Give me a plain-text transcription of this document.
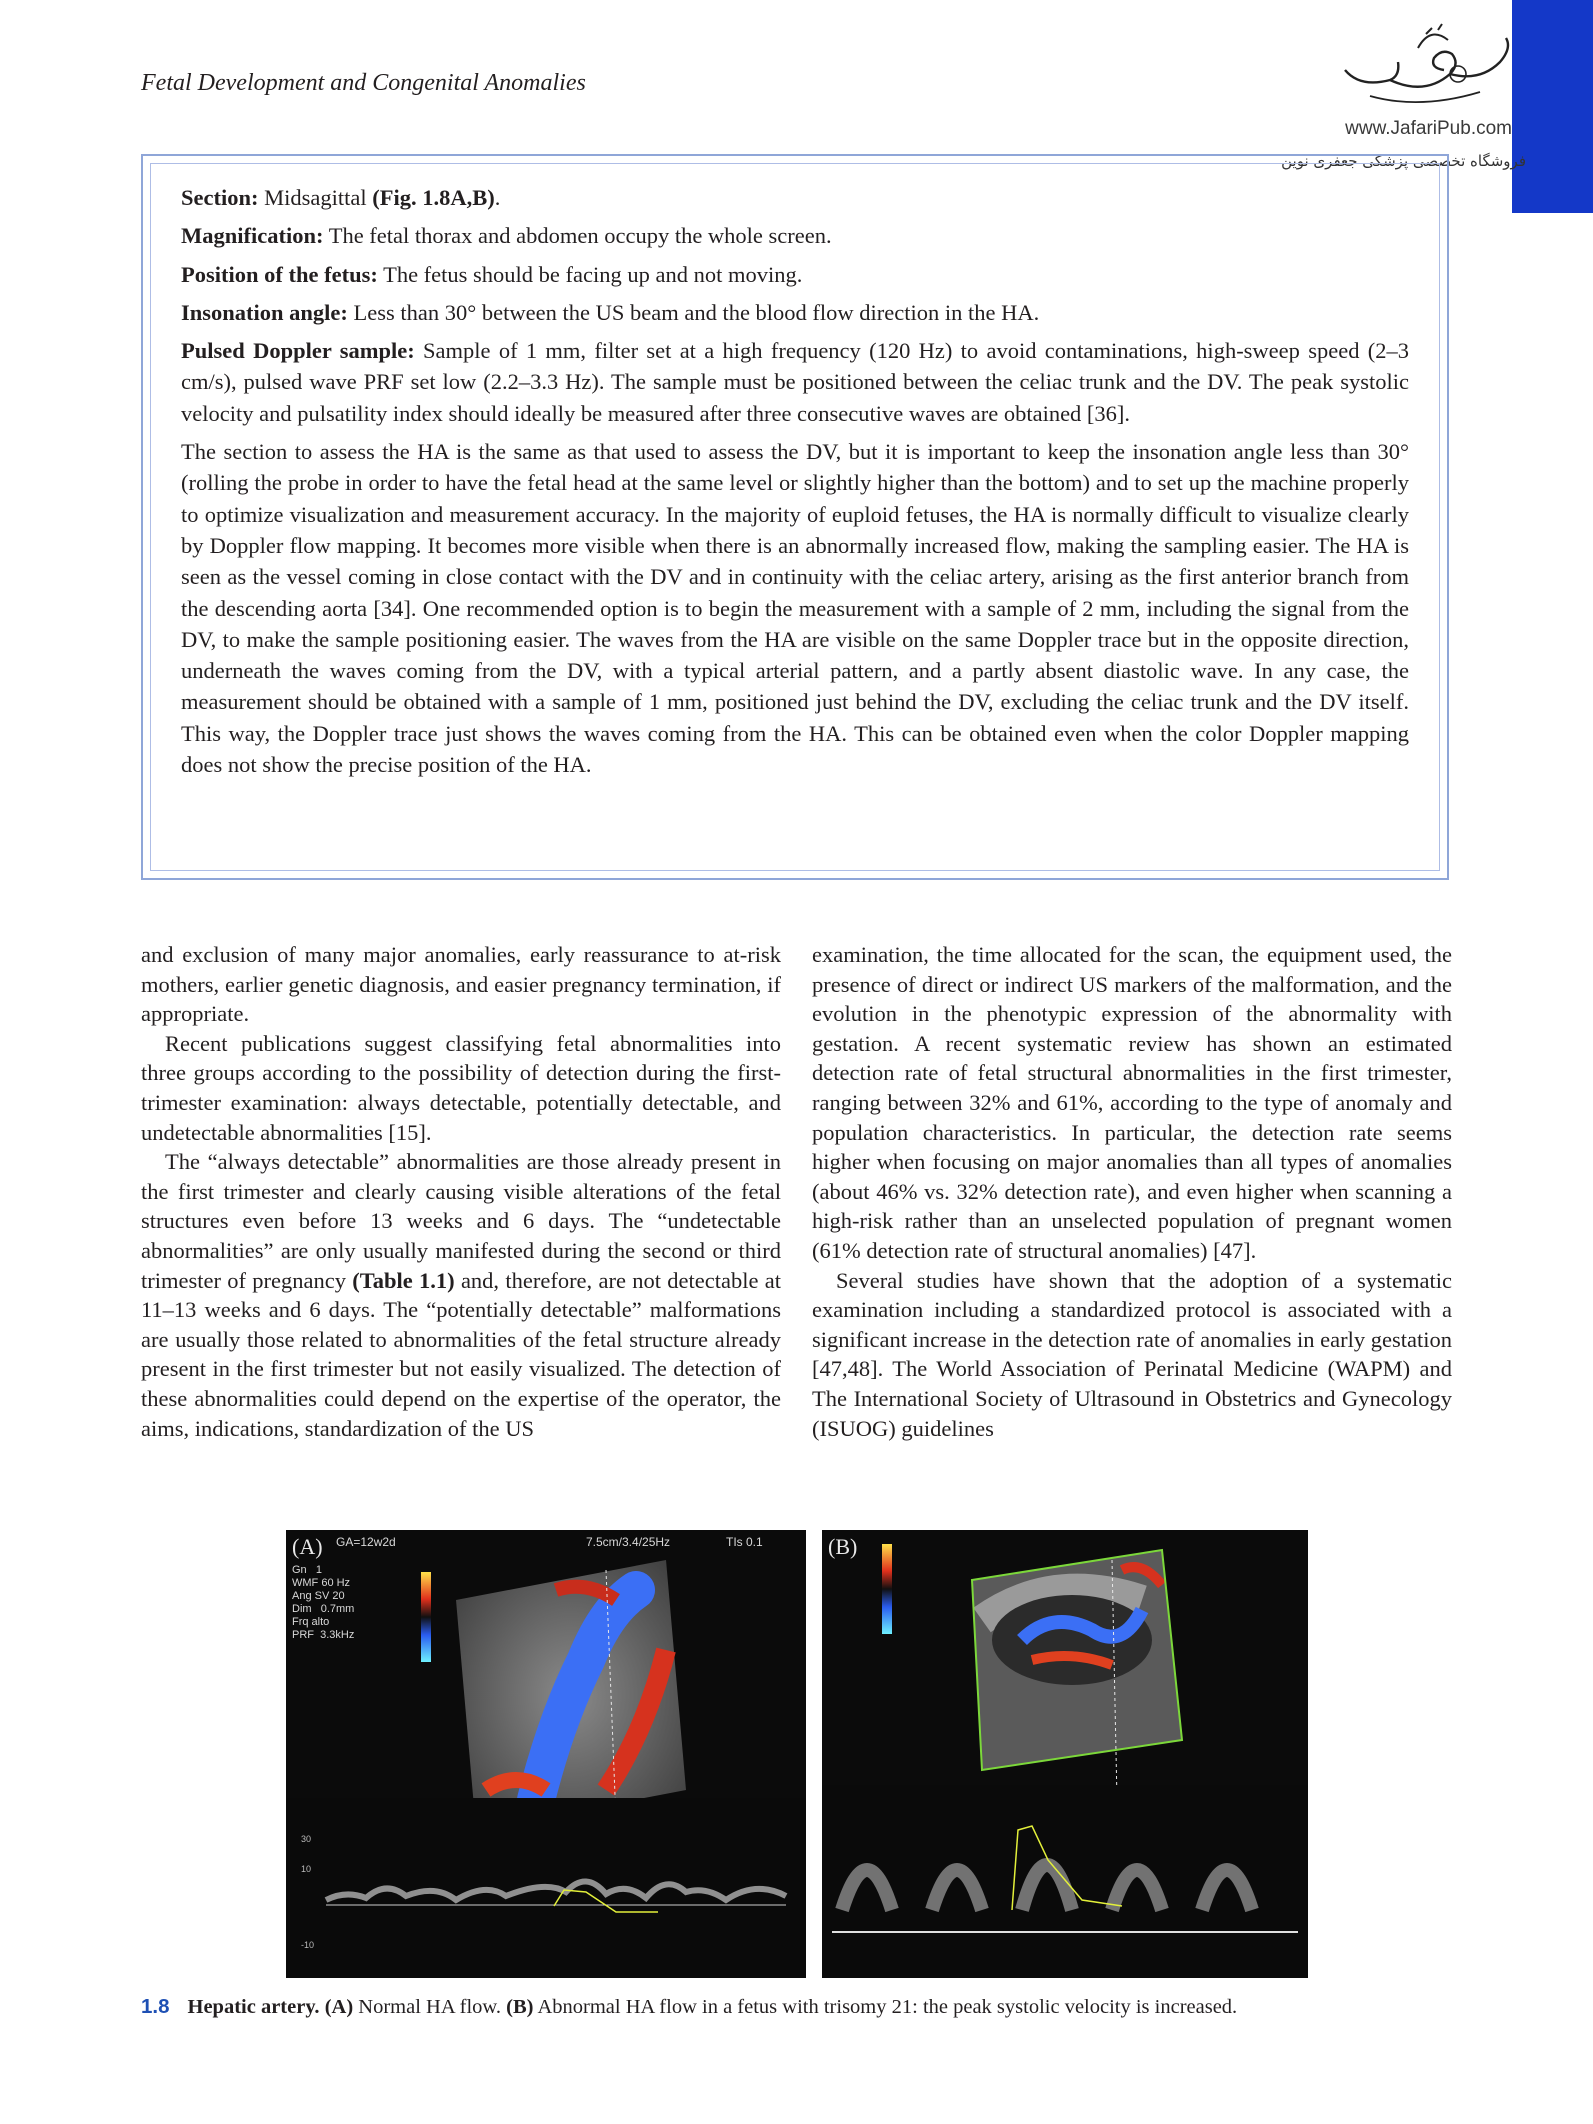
Fetal Development and Congenital Anomalies
www.JafariPub.com
فروشگاه تخصصی پزشکی جعفری نوین

Section: Midsagittal (Fig. 1.8A,B).

Magnification: The fetal thorax and abdomen occupy the whole screen.

Position of the fetus: The fetus should be facing up and not moving.

Insonation angle: Less than 30° between the US beam and the blood flow direction in the HA.

Pulsed Doppler sample: Sample of 1 mm, filter set at a high frequency (120 Hz) to avoid contaminations, high-sweep speed (2–3 cm/s), pulsed wave PRF set low (2.2–3.3 Hz). The sample must be positioned between the celiac trunk and the DV. The peak systolic velocity and pulsatility index should ideally be measured after three consecutive waves are obtained [36].

The section to assess the HA is the same as that used to assess the DV, but it is important to keep the insonation angle less than 30° (rolling the probe in order to have the fetal head at the same level or slightly higher than the bottom) and to set up the machine properly to optimize visualization and measurement accuracy. In the majority of euploid fetuses, the HA is normally difficult to visualize clearly by Doppler flow mapping. It becomes more visible when there is an abnormally increased flow, making the sampling easier. The HA is seen as the vessel coming in close contact with the DV and in continuity with the celiac artery, arising as the first anterior branch from the descending aorta [34]. One recommended option is to begin the measurement with a sample of 2 mm, including the signal from the DV, to make the sample positioning easier. The waves from the HA are visible on the same Doppler trace but in the opposite direction, underneath the waves coming from the DV, with a typical arterial pattern, and a partly absent diastolic wave. In any case, the measurement should be obtained with a sample of 1 mm, positioned just behind the DV, excluding the celiac trunk and the DV itself. This way, the Doppler trace just shows the waves coming from the HA. This can be obtained even when the color Doppler mapping does not show the precise position of the HA.

and exclusion of many major anomalies, early reassurance to at-risk mothers, earlier genetic diagnosis, and easier pregnancy termination, if appropriate.

Recent publications suggest classifying fetal abnormalities into three groups according to the possibility of detection during the first-trimester examination: always detectable, potentially detectable, and undetectable abnormalities [15].

The “always detectable” abnormalities are those already present in the first trimester and clearly causing visible alterations of the fetal structures even before 13 weeks and 6 days. The “undetectable abnormalities” are only usually manifested during the second or third trimester of pregnancy (Table 1.1) and, therefore, are not detectable at 11–13 weeks and 6 days. The “potentially detectable” malformations are usually those related to abnormalities of the fetal structure already present in the first trimester but not easily visualized. The detection of these abnormalities could depend on the expertise of the operator, the aims, indications, standardization of the US

examination, the time allocated for the scan, the equipment used, the presence of direct or indirect US markers of the malformation, and the evolution in the phenotypic expression of the abnormality with gestation. A recent systematic review has shown an estimated detection rate of fetal structural abnormalities in the first trimester, ranging between 32% and 61%, according to the type of anomaly and population characteristics. In particular, the detection rate seems higher when focusing on major anomalies than all types of anomalies (about 46% vs. 32% detection rate), and even higher when scanning a high-risk rather than an unselected population of pregnant women (61% detection rate of structural anomalies) [47].

Several studies have shown that the adoption of a systematic examination including a standardized protocol is associated with a significant increase in the detection rate of anomalies in early gestation [47,48]. The World Association of Perinatal Medicine (WAPM) and The International Society of Ultrasound in Obstetrics and Gynecology (ISUOG) guidelines

30
10
-10
(A) GA=12w2d	7.5cm/3.4/25Hz	TIs 0.1
Gn   1
WMF 60 Hz
Ang SV 20
Dim   0.7mm
Frq alto
PRF  3.3kHz
(B)
1.8 Hepatic artery. (A) Normal HA flow. (B) Abnormal HA flow in a fetus with trisomy 21: the peak systolic velocity is increased.
